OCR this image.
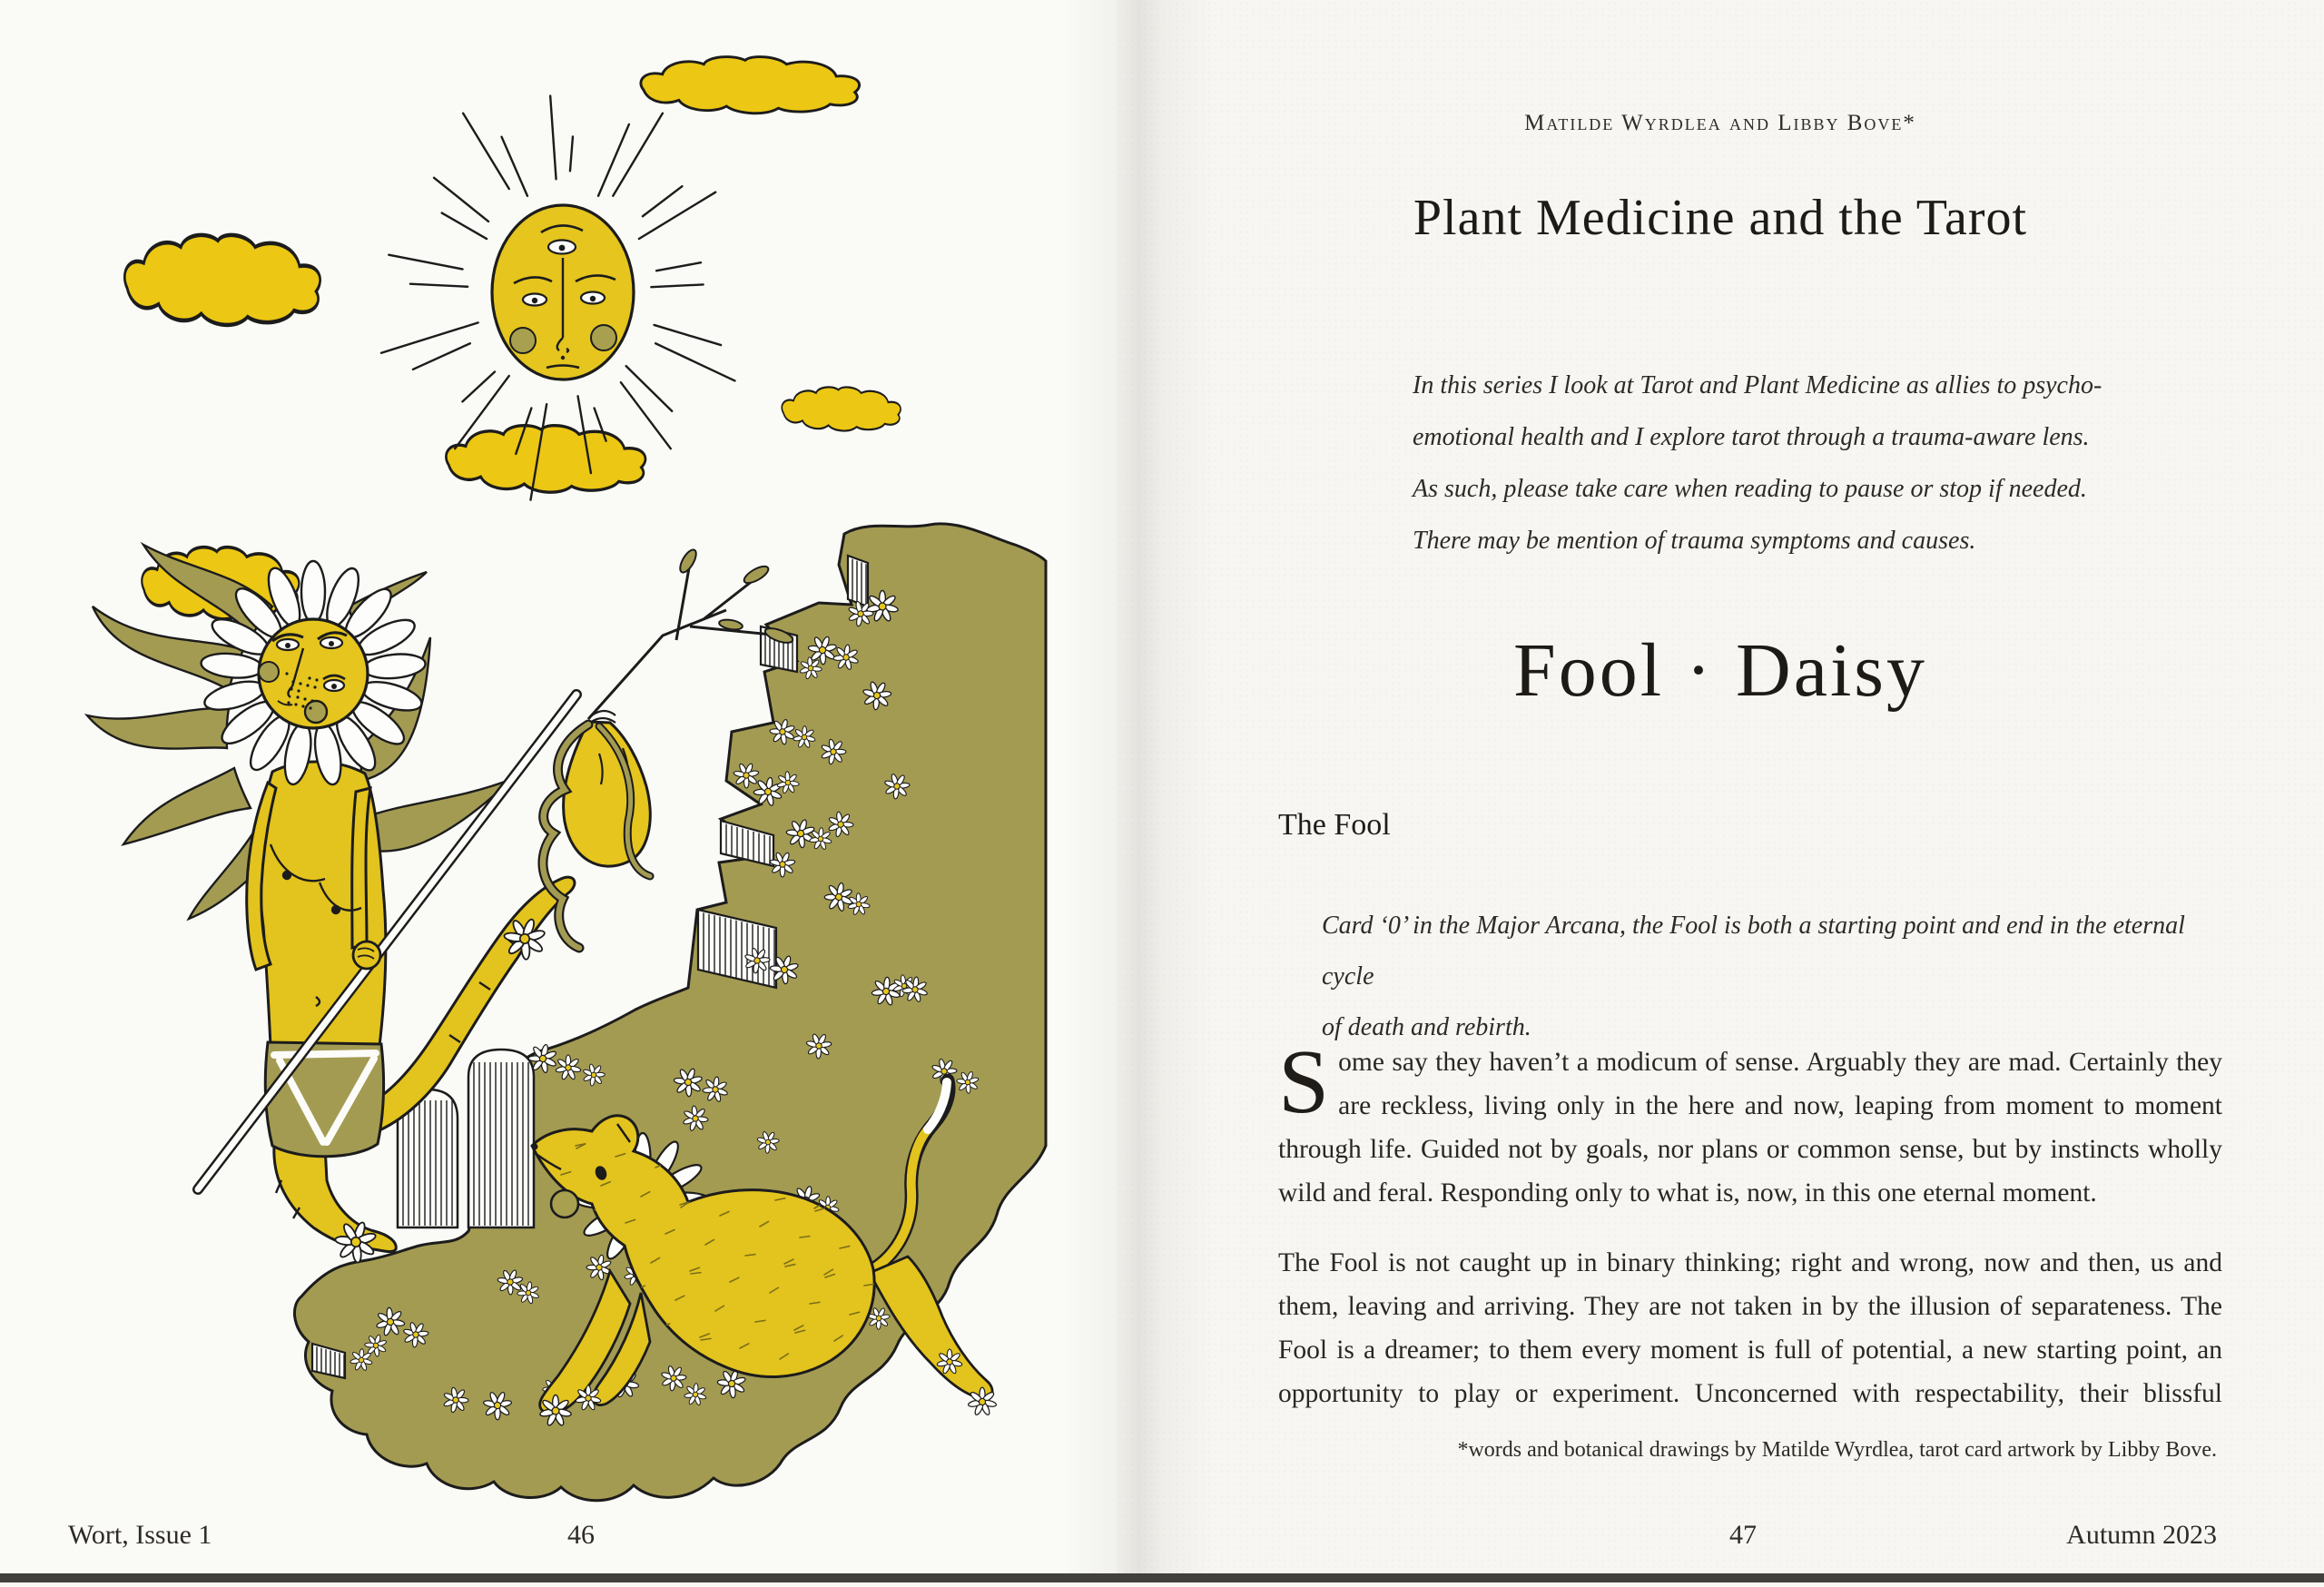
Wort, Issue 1	46
Matilde Wyrdlea and Libby Bove*
Plant Medicine and the Tarot
In this series I look at Tarot and Plant Medicine as allies to psycho-
emotional health and I explore tarot through a trauma-aware lens.
As such, please take care when reading to pause or stop if needed.
There may be mention of trauma symptoms and causes.
Fool · Daisy
The Fool
Card ‘0’ in the Major Arcana, the Fool is both a starting point and end in the eternal cycle
of death and rebirth.

Some say they haven’t a modicum of sense. Arguably they are mad. Certainly they are reckless, living only in the here and now, leaping from moment to moment through life. Guided not by goals, nor plans or common sense, but by instincts wholly wild and feral. Responding only to what is, now, in this one eternal moment.

The Fool is not caught up in binary thinking; right and wrong, now and then, us and them, leaving and arriving. They are not taken in by the illusion of separateness. The Fool is a dreamer; to them every moment is full of potential, a new starting point, an opportunity to play or experiment. Unconcerned with respectability, their blissful

*words and botanical drawings by Matilde Wyrdlea, tarot card artwork by Libby Bove.
47	Autumn 2023
